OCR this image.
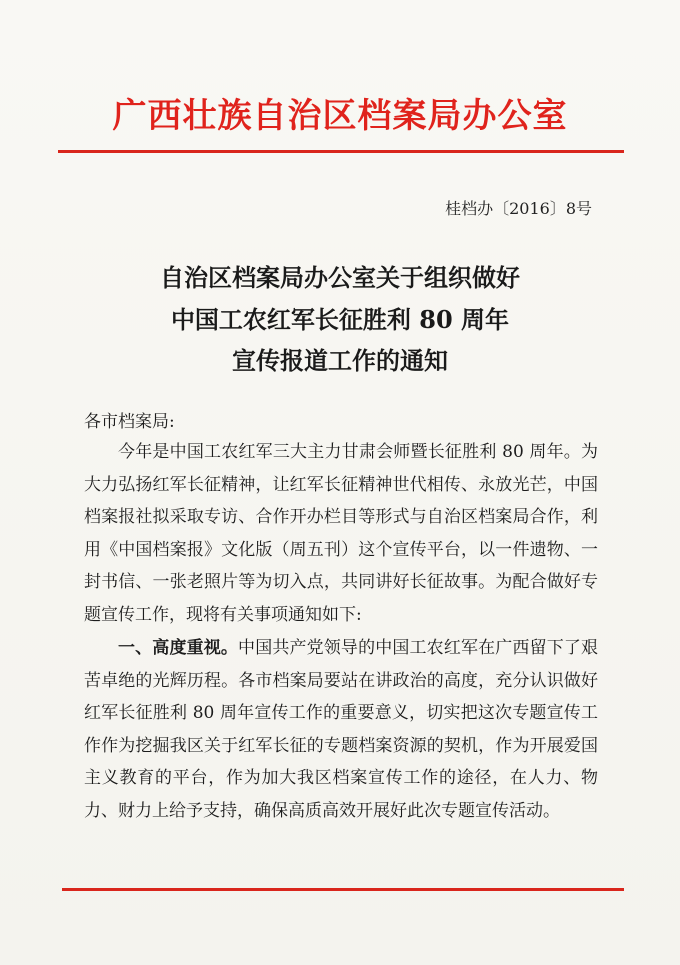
广西壮族自治区档案局办公室
桂档办〔2016〕8号
自治区档案局办公室关于组织做好
中国工农红军长征胜利 80 周年
宣传报道工作的通知
各市档案局:
今年是中国工农红军三大主力甘肃会师暨长征胜利 80 周年。为大力弘扬红军长征精神，让红军长征精神世代相传、永放光芒，中国档案报社拟采取专访、合作开办栏目等形式与自治区档案局合作，利用《中国档案报》文化版（周五刊）这个宣传平台，以一件遗物、一封书信、一张老照片等为切入点，共同讲好长征故事。为配合做好专题宣传工作，现将有关事项通知如下:
一、高度重视。中国共产党领导的中国工农红军在广西留下了艰苦卓绝的光辉历程。各市档案局要站在讲政治的高度，充分认识做好红军长征胜利 80 周年宣传工作的重要意义，切实把这次专题宣传工作作为挖掘我区关于红军长征的专题档案资源的契机，作为开展爱国主义教育的平台，作为加大我区档案宣传工作的途径，在人力、物力、财力上给予支持，确保高质高效开展好此次专题宣传活动。
